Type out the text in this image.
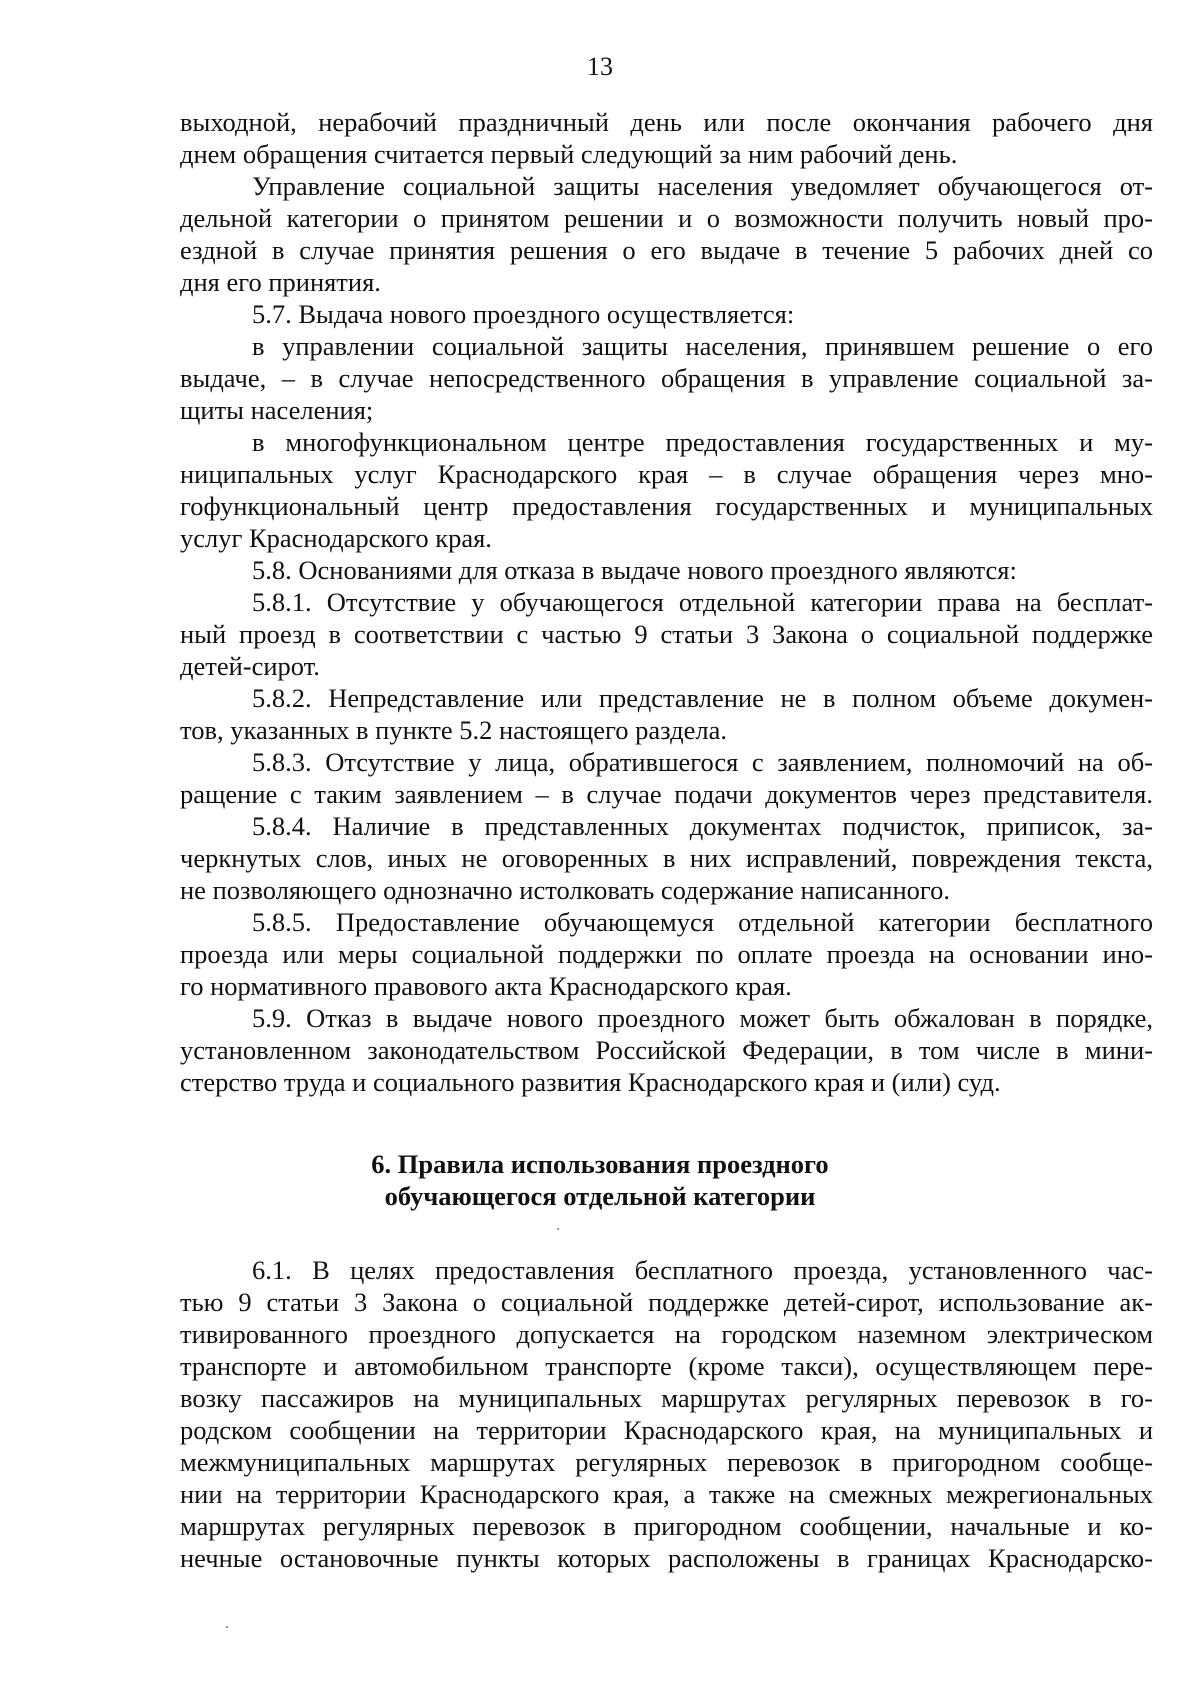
13
выходной, нерабочий праздничный день или после окончания рабочего дня
днем обращения считается первый следующий за ним рабочий день.
Управление социальной защиты населения уведомляет обучающегося от-
дельной категории о принятом решении и о возможности получить новый про-
ездной в случае принятия решения о его выдаче в течение 5 рабочих дней со
дня его принятия.
5.7. Выдача нового проездного осуществляется:
в управлении социальной защиты населения, принявшем решение о его
выдаче, – в случае непосредственного обращения в управление социальной за-
щиты населения;
в многофункциональном центре предоставления государственных и му-
ниципальных услуг Краснодарского края – в случае обращения через мно-
гофункциональный центр предоставления государственных и муниципальных
услуг Краснодарского края.
5.8. Основаниями для отказа в выдаче нового проездного являются:
5.8.1. Отсутствие у обучающегося отдельной категории права на бесплат-
ный проезд в соответствии с частью 9 статьи 3 Закона о социальной поддержке
детей-сирот.
5.8.2. Непредставление или представление не в полном объеме докумен-
тов, указанных в пункте 5.2 настоящего раздела.
5.8.3. Отсутствие у лица, обратившегося с заявлением, полномочий на об-
ращение с таким заявлением – в случае подачи документов через представителя.
5.8.4. Наличие в представленных документах подчисток, приписок, за-
черкнутых слов, иных не оговоренных в них исправлений, повреждения текста,
не позволяющего однозначно истолковать содержание написанного.
5.8.5. Предоставление обучающемуся отдельной категории бесплатного
проезда или меры социальной поддержки по оплате проезда на основании ино-
го нормативного правового акта Краснодарского края.
5.9. Отказ в выдаче нового проездного может быть обжалован в порядке,
установленном законодательством Российской Федерации, в том числе в мини-
стерство труда и социального развития Краснодарского края и (или) суд.
6. Правила использования проездного
обучающегося отдельной категории
6.1. В целях предоставления бесплатного проезда, установленного час-
тью 9 статьи 3 Закона о социальной поддержке детей-сирот, использование ак-
тивированного проездного допускается на городском наземном электрическом
транспорте и автомобильном транспорте (кроме такси), осуществляющем пере-
возку пассажиров на муниципальных маршрутах регулярных перевозок в го-
родском сообщении на территории Краснодарского края, на муниципальных и
межмуниципальных маршрутах регулярных перевозок в пригородном сообще-
нии на территории Краснодарского края, а также на смежных межрегиональных
маршрутах регулярных перевозок в пригородном сообщении, начальные и ко-
нечные остановочные пункты которых расположены в границах Краснодарско-
